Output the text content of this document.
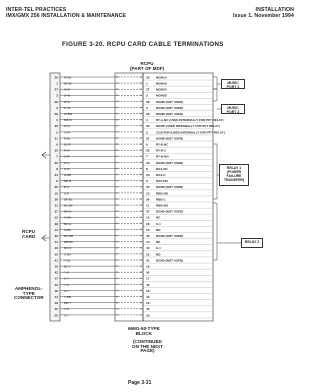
INTER-TEL PRACTICES
IMX/GMX 256 INSTALLATION & MAINTENANCE
INSTALLATION
Issue 1, November 1994
FIGURE 3-20. RCPU CARD CABLE TERMINATIONS
RCPU
(PART OF MDF)
26 W-BL	26 MOH1A
1 BL-W	1	MOH1B
27 W-O	27 MOH2A
2 O-W	2	MOH2B
28 W-G	28 DGND (NOT USED)
3 G-W	3	DGND (NOT USED)
29 W-BR	29 DGND (NOT USED)
4 BR-W	4	RY-A-NC (USED INTERNALLY FOR PFT RELAY)
30 W-S	30 DGND (USED INTERNALLY FOR PFT RELAY)
5 S-W	5	CC/OTHR (USED INTERNALLY FOR PFT RELAY)
31 R-BL	31 DGND (NOT USED)
6 BL-R	6	RY-B-NC
32 R-O	32 RY-B-C
7 O-R	7	RY-B-NO
33 R-G	33 DGND (NOT USED)
8 G-R	8	RAX-NC
34 R-BR	34 RAX-C
9 BR-R	9	RAX-NO
35 R-S	35 DGND (NOT USED)
10 S-R	10 RBB-NO
36 BK-BL	36 RBB-C
11 BL-BK	11 RBB-NO
37 BK-O	37 DGND (NOT USED)
12 O-BK	12 NC
38 BK-G	38 C-1
13 G-BK	13 NO
39 BK-BR	39 DGND (NOT USED)
14 BR-BK	14 NC
40 BK-S	40 C-1
15 S-BK	15 NO
41 Y-BL	41 DGND (NOT USED)
16 BL-Y	16
42 Y-O	42
17 O-Y	17
43 Y-G	43
18 G-Y	18
44 Y-BR	44
19 BR-Y	19
45 Y-S	45
20 S-Y	20
RCPU
CARD
AMPHENOL-
TYPE
CONNECTOR
66M1-50-TYPE
BLOCK
(CONTINUED
ON THE NEXT
PAGE)
Page 3-31
MUSIC
PORT 1
MUSIC
PORT 2
RELAY 1
(POWER
FAILURE
TRANSFER)
RELAY 2
